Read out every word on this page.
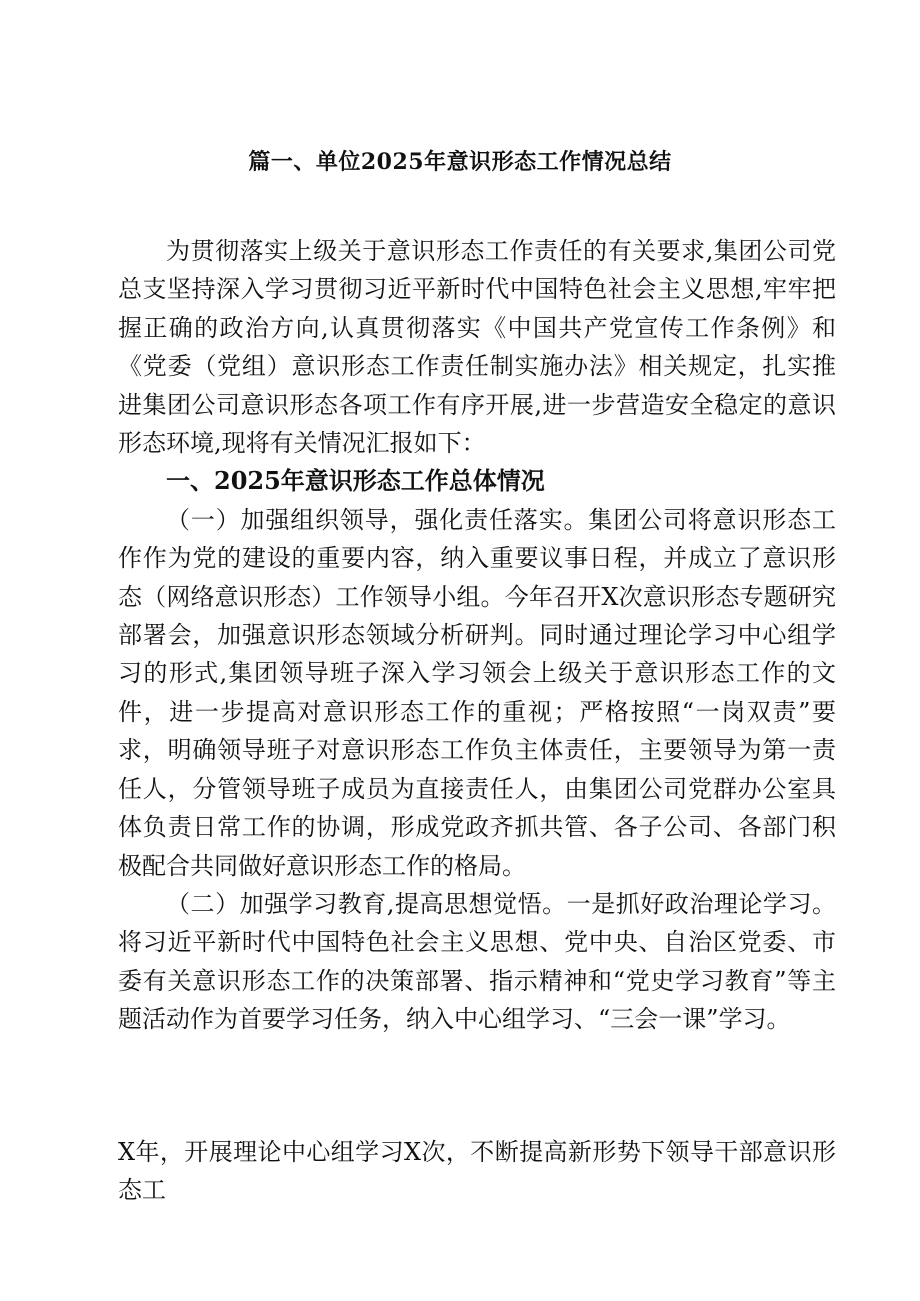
篇一、单位2025年意识形态工作情况总结

为贯彻落实上级关于意识形态工作责任的有关要求,集团公司党总支坚持深入学习贯彻习近平新时代中国特色社会主义思想,牢牢把握正确的政治方向,认真贯彻落实《中国共产党宣传工作条例》和《党委（党组）意识形态工作责任制实施办法》相关规定，扎实推进集团公司意识形态各项工作有序开展,进一步营造安全稳定的意识形态环境,现将有关情况汇报如下：

一、2025年意识形态工作总体情况

（一）加强组织领导，强化责任落实。集团公司将意识形态工作作为党的建设的重要内容，纳入重要议事日程，并成立了意识形态（网络意识形态）工作领导小组。今年召开X次意识形态专题研究部署会，加强意识形态领域分析研判。同时通过理论学习中心组学习的形式,集团领导班子深入学习领会上级关于意识形态工作的文件，进一步提高对意识形态工作的重视；严格按照“一岗双责”要求，明确领导班子对意识形态工作负主体责任，主要领导为第一责任人，分管领导班子成员为直接责任人，由集团公司党群办公室具体负责日常工作的协调，形成党政齐抓共管、各子公司、各部门积极配合共同做好意识形态工作的格局。

（二）加强学习教育,提高思想觉悟。一是抓好政治理论学习。将习近平新时代中国特色社会主义思想、党中央、自治区党委、市委有关意识形态工作的决策部署、指示精神和“党史学习教育”等主题活动作为首要学习任务，纳入中心组学习、“三会一课”学习。

X年，开展理论中心组学习X次，不断提高新形势下领导干部意识形态工
